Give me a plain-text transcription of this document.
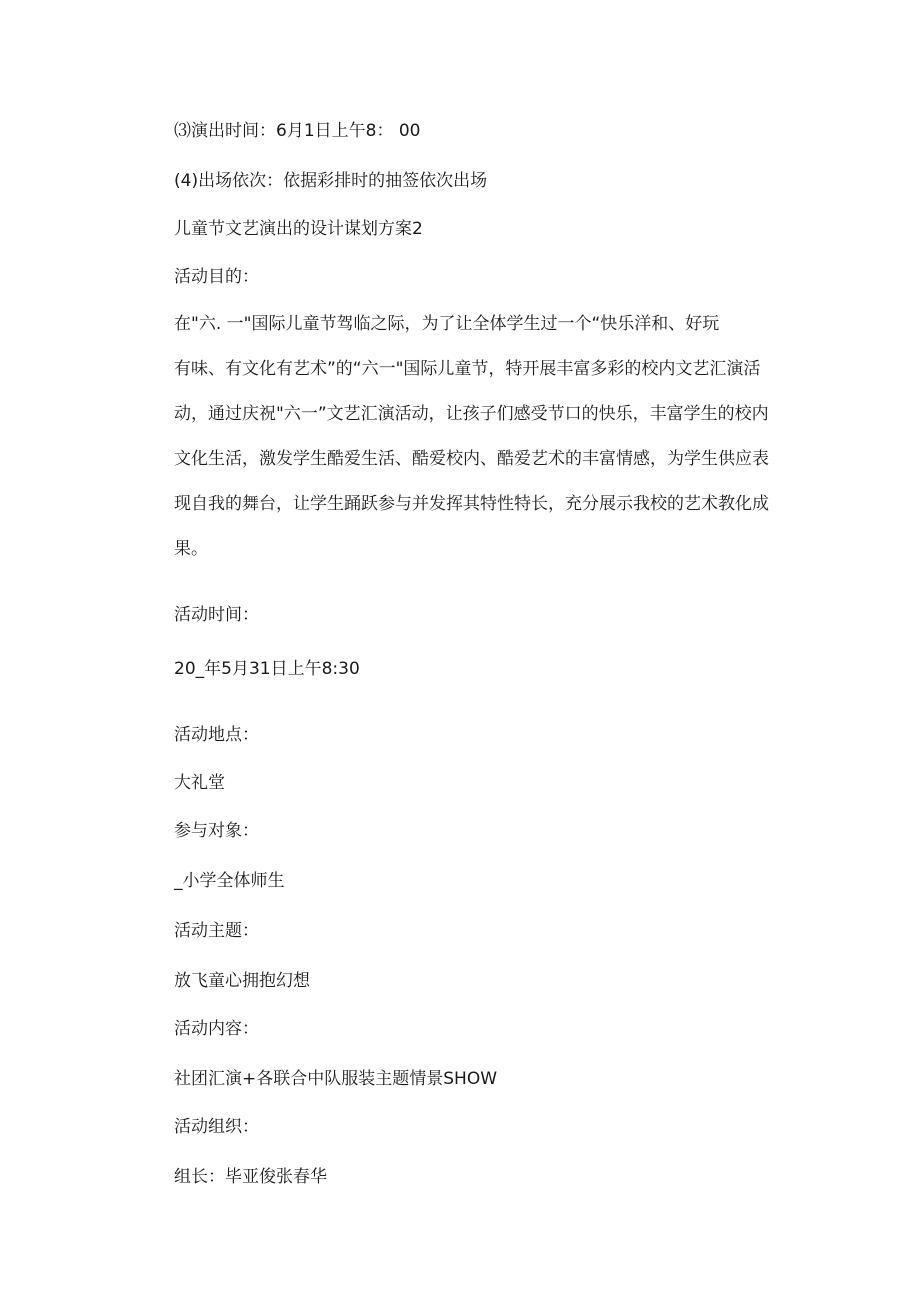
⑶演出时间：6月1日上午8： 00
(4)出场依次：依据彩排时的抽签依次出场
儿童节文艺演出的设计谋划方案2
活动目的：
在"六. 一"国际儿童节驾临之际，为了让全体学生过一个“快乐洋和、好玩
有味、有文化有艺术”的“六一"国际儿童节，特开展丰富多彩的校内文艺汇演活
动，通过庆祝"六一”文艺汇演活动，让孩子们感受节口的快乐，丰富学生的校内
文化生活，激发学生酷爱生活、酷爱校内、酷爱艺术的丰富情感，为学生供应表
现自我的舞台，让学生踊跃参与并发挥其特性特长，充分展示我校的艺术教化成
果。
活动时间：
20_年5月31日上午8:30
活动地点：
大礼堂
参与对象：
_小学全体师生
活动主题：
放飞童心拥抱幻想
活动内容：
社团汇演+各联合中队服装主题情景SHOW
活动组织：
组长：毕亚俊张春华
